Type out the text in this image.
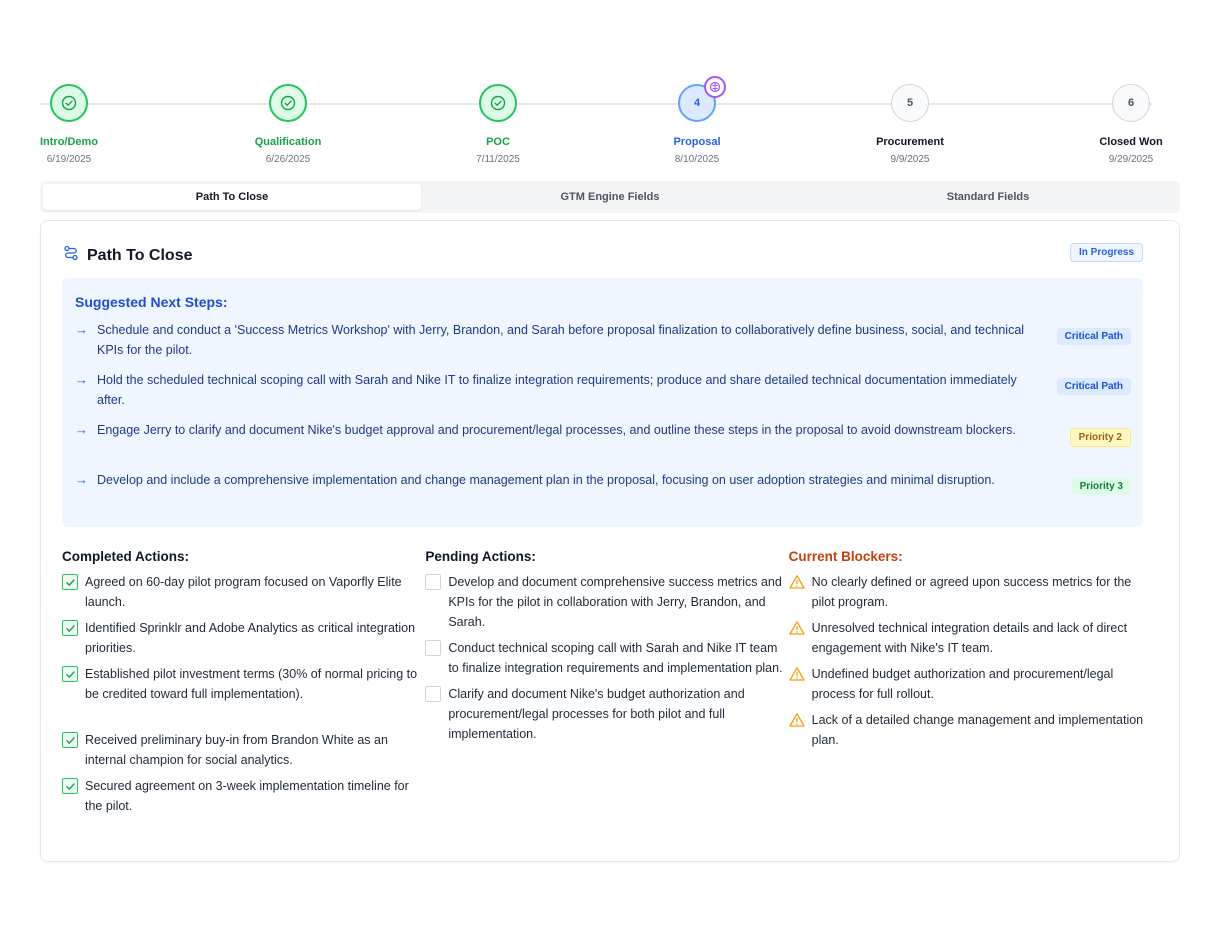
Intro/Demo
6/19/2025
Qualification
6/26/2025
POC
7/11/2025
4
Proposal
8/10/2025
5
Procurement
9/9/2025
6
Closed Won
9/29/2025
Path To Close	GTM Engine Fields	Standard Fields
Path To Close	In Progress
Suggested Next Steps:
→ Schedule and conduct a 'Success Metrics Workshop' with Jerry, Brandon, and Sarah before proposal finalization to collaboratively define business, social, and technical KPIs for the pilot.
Critical Path
→ Hold the scheduled technical scoping call with Sarah and Nike IT to finalize integration requirements; produce and share detailed technical documentation immediately after.
Critical Path
→ Engage Jerry to clarify and document Nike's budget approval and procurement/legal processes, and outline these steps in the proposal to avoid downstream blockers.
Priority 2
→ Develop and include a comprehensive implementation and change management plan in the proposal, focusing on user adoption strategies and minimal disruption.	Priority 3
Completed Actions:
Agreed on 60-day pilot program focused on Vaporfly Elite launch.
Identified Sprinklr and Adobe Analytics as critical integration priorities.
Established pilot investment terms (30% of normal pricing to be credited toward full implementation).
Received preliminary buy-in from Brandon White as an internal champion for social analytics.
Secured agreement on 3-week implementation timeline for the pilot.
Pending Actions:
Develop and document comprehensive success metrics and KPIs for the pilot in collaboration with Jerry, Brandon, and Sarah.
Conduct technical scoping call with Sarah and Nike IT team to finalize integration requirements and implementation plan.
Clarify and document Nike's budget authorization and procurement/legal processes for both pilot and full implementation.
Current Blockers:
No clearly defined or agreed upon success metrics for the pilot program.
Unresolved technical integration details and lack of direct engagement with Nike's IT team.
Undefined budget authorization and procurement/legal process for full rollout.
Lack of a detailed change management and implementation plan.
